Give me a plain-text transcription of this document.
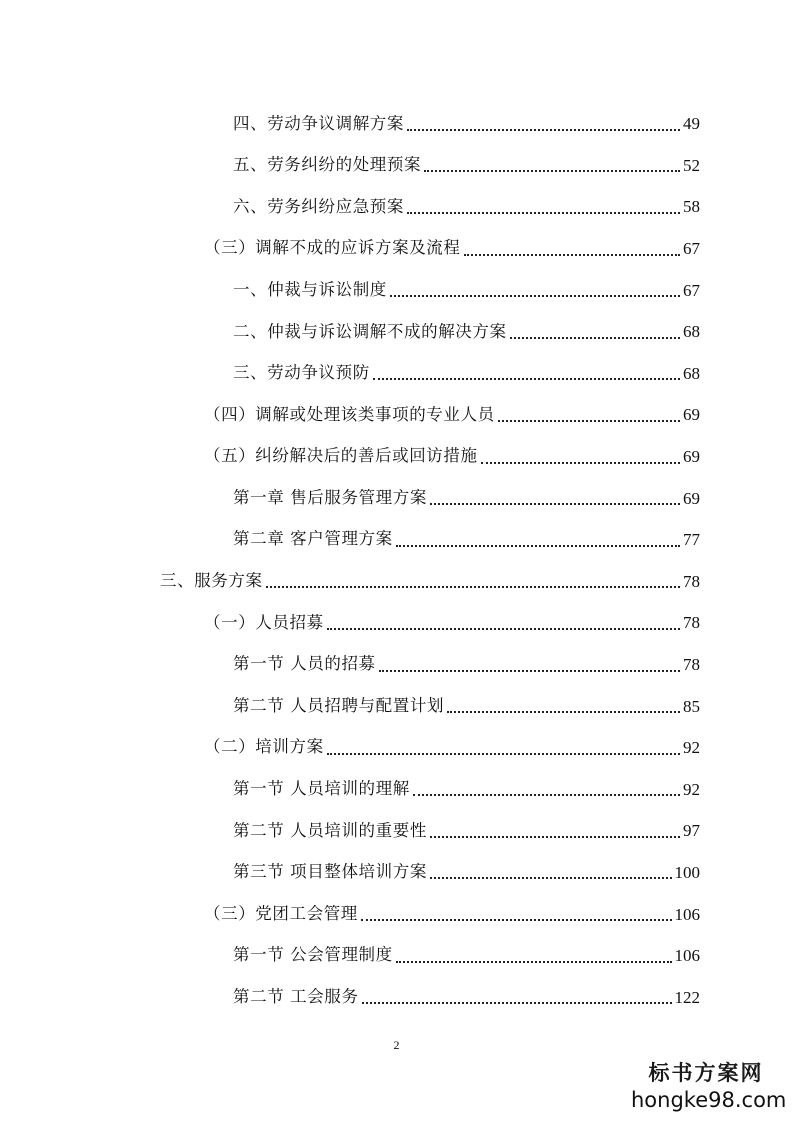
四、劳动争议调解方案	49
五、劳务纠纷的处理预案	52
六、劳务纠纷应急预案	58
（三）调解不成的应诉方案及流程	67
一、仲裁与诉讼制度	67
二、仲裁与诉讼调解不成的解决方案	68
三、劳动争议预防	68
（四）调解或处理该类事项的专业人员	69
（五）纠纷解决后的善后或回访措施	69
第一章 售后服务管理方案	69
第二章 客户管理方案	77
三、服务方案	78
（一）人员招募	78
第一节 人员的招募	78
第二节 人员招聘与配置计划	85
（二）培训方案	92
第一节 人员培训的理解	92
第二节 人员培训的重要性	97
第三节 项目整体培训方案	100
（三）党团工会管理	106
第一节 公会管理制度	106
第二节 工会服务	122
2
标书方案网
hongke98.com
